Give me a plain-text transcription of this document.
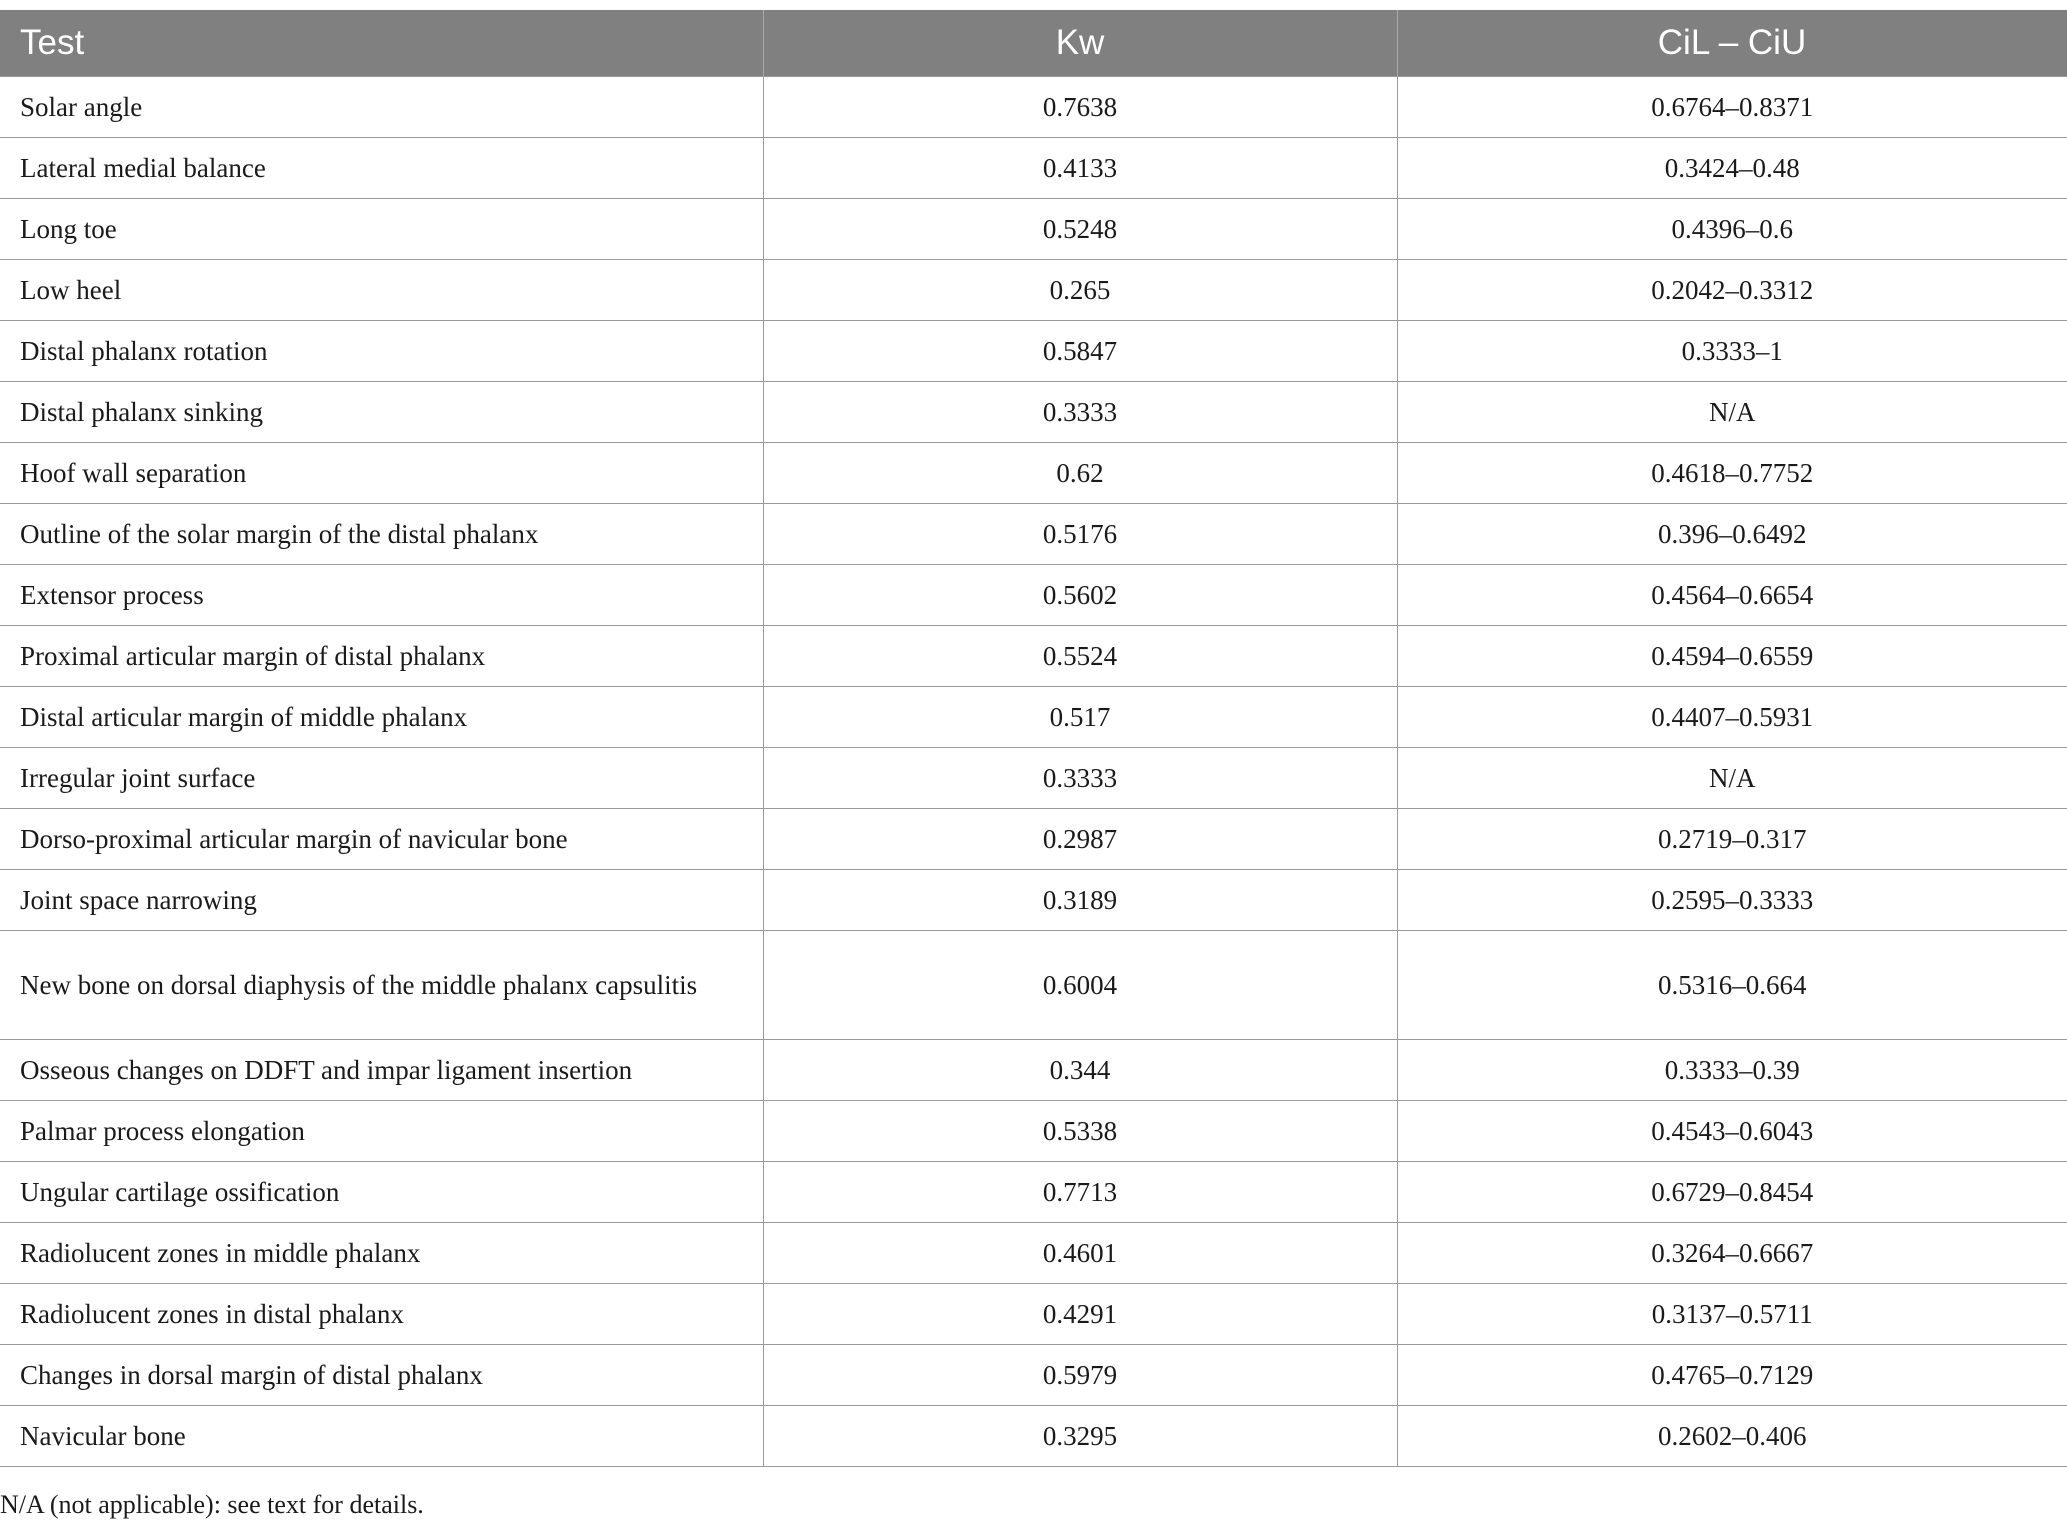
Test	Kw	CiL – CiU
Solar angle	0.7638	0.6764–0.8371
Lateral medial balance	0.4133	0.3424–0.48
Long toe	0.5248	0.4396–0.6
Low heel	0.265	0.2042–0.3312
Distal phalanx rotation	0.5847	0.3333–1
Distal phalanx sinking	0.3333	N/A
Hoof wall separation	0.62	0.4618–0.7752
Outline of the solar margin of the distal phalanx	0.5176	0.396–0.6492
Extensor process	0.5602	0.4564–0.6654
Proximal articular margin of distal phalanx	0.5524	0.4594–0.6559
Distal articular margin of middle phalanx	0.517	0.4407–0.5931
Irregular joint surface	0.3333	N/A
Dorso-proximal articular margin of navicular bone	0.2987	0.2719–0.317
Joint space narrowing	0.3189	0.2595–0.3333
New bone on dorsal diaphysis of the middle phalanx capsulitis	0.6004	0.5316–0.664
Osseous changes on DDFT and impar ligament insertion	0.344	0.3333–0.39
Palmar process elongation	0.5338	0.4543–0.6043
Ungular cartilage ossification	0.7713	0.6729–0.8454
Radiolucent zones in middle phalanx	0.4601	0.3264–0.6667
Radiolucent zones in distal phalanx	0.4291	0.3137–0.5711
Changes in dorsal margin of distal phalanx	0.5979	0.4765–0.7129
Navicular bone	0.3295	0.2602–0.406
N/A (not applicable): see text for details.
